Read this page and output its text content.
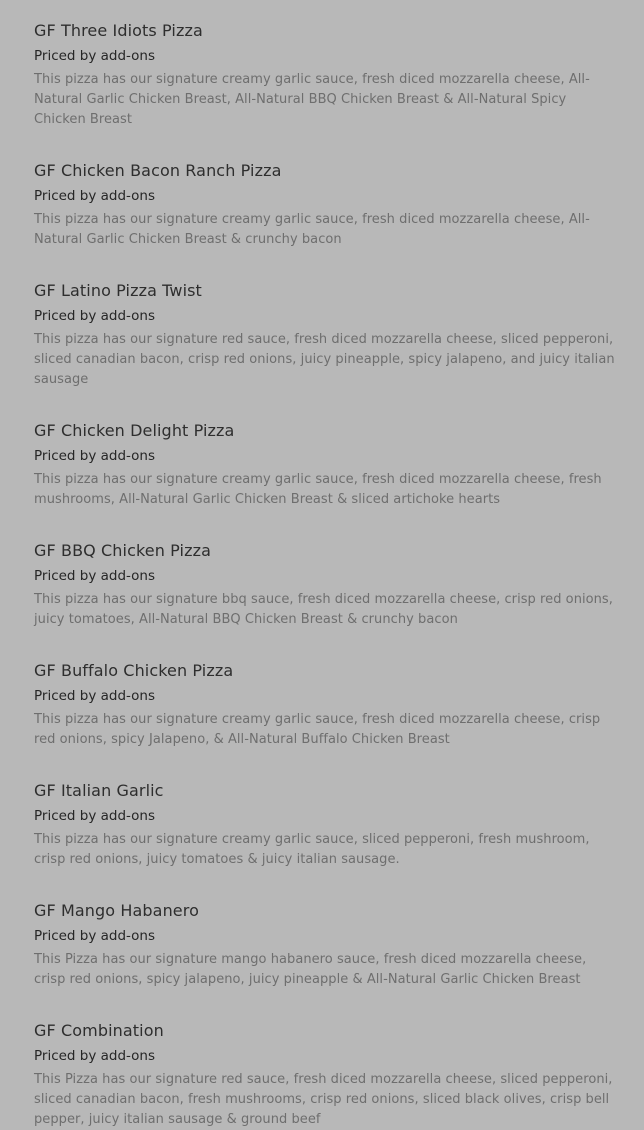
GF Three Idiots Pizza
Priced by add-ons
This pizza has our signature creamy garlic sauce, fresh diced mozzarella cheese, All-Natural Garlic Chicken Breast, All-Natural BBQ Chicken Breast & All-Natural Spicy Chicken Breast
GF Chicken Bacon Ranch Pizza
Priced by add-ons
This pizza has our signature creamy garlic sauce, fresh diced mozzarella cheese, All-Natural Garlic Chicken Breast & crunchy bacon
GF Latino Pizza Twist
Priced by add-ons
This pizza has our signature red sauce, fresh diced mozzarella cheese, sliced pepperoni, sliced canadian bacon, crisp red onions, juicy pineapple, spicy jalapeno, and juicy italian sausage
GF Chicken Delight Pizza
Priced by add-ons
This pizza has our signature creamy garlic sauce, fresh diced mozzarella cheese, fresh mushrooms, All-Natural Garlic Chicken Breast & sliced artichoke hearts
GF BBQ Chicken Pizza
Priced by add-ons
This pizza has our signature bbq sauce, fresh diced mozzarella cheese, crisp red onions, juicy tomatoes, All-Natural BBQ Chicken Breast & crunchy bacon
GF Buffalo Chicken Pizza
Priced by add-ons
This pizza has our signature creamy garlic sauce, fresh diced mozzarella cheese, crisp red onions, spicy Jalapeno, & All-Natural Buffalo Chicken Breast
GF Italian Garlic
Priced by add-ons
This pizza has our signature creamy garlic sauce, sliced pepperoni, fresh mushroom, crisp red onions, juicy tomatoes & juicy italian sausage.
GF Mango Habanero
Priced by add-ons
This Pizza has our signature mango habanero sauce, fresh diced mozzarella cheese, crisp red onions, spicy jalapeno, juicy pineapple & All-Natural Garlic Chicken Breast
GF Combination
Priced by add-ons
This Pizza has our signature red sauce, fresh diced mozzarella cheese, sliced pepperoni, sliced canadian bacon, fresh mushrooms, crisp red onions, sliced black olives, crisp bell pepper, juicy italian sausage & ground beef
